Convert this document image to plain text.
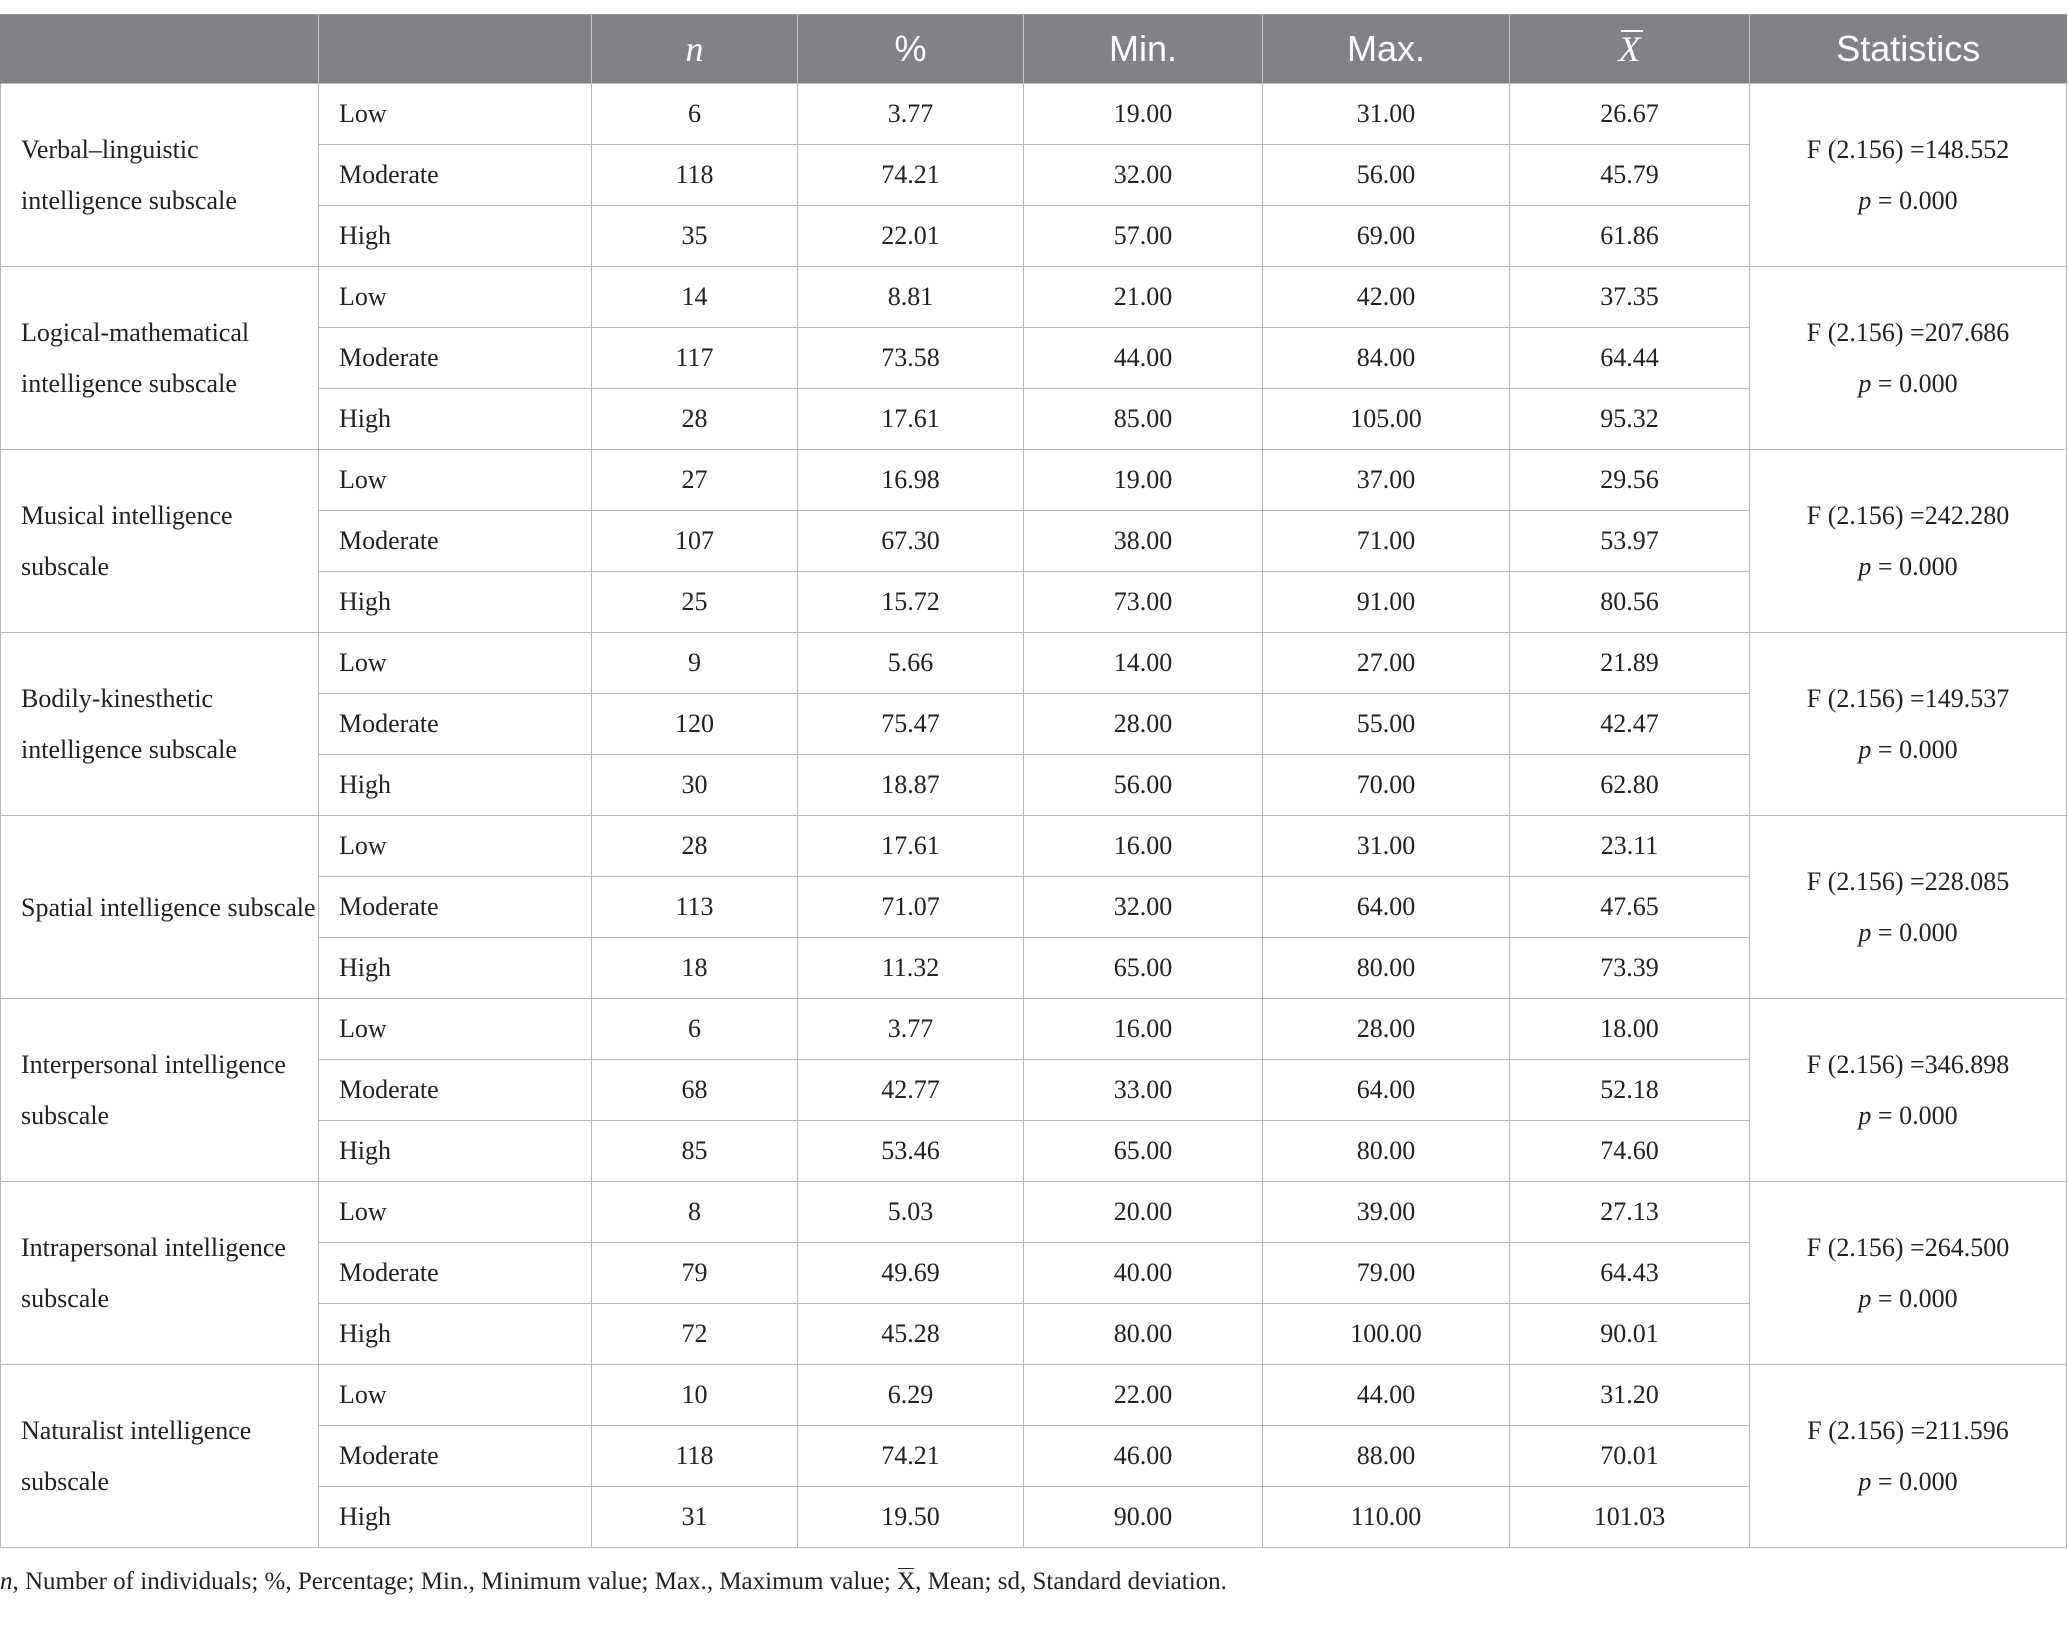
		n	%	Min.	Max.	X	Statistics
Verbal–linguistic intelligence subscale	Low	6	3.77	19.00	31.00	26.67	F (2.156) =148.552
p = 0.000

	Moderate	118	74.21	32.00	56.00	45.79	
	High	35	22.01	57.00	69.00	61.86	
Logical-mathematical intelligence subscale	Low	14	8.81	21.00	42.00	37.35	F (2.156) =207.686
p = 0.000

	Moderate	117	73.58	44.00	84.00	64.44	
	High	28	17.61	85.00	105.00	95.32	
Musical intelligence subscale	Low	27	16.98	19.00	37.00	29.56	F (2.156) =242.280
p = 0.000

	Moderate	107	67.30	38.00	71.00	53.97	
	High	25	15.72	73.00	91.00	80.56	
Bodily-kinesthetic intelligence subscale	Low	9	5.66	14.00	27.00	21.89	F (2.156) =149.537
p = 0.000

	Moderate	120	75.47	28.00	55.00	42.47	
	High	30	18.87	56.00	70.00	62.80	
Spatial intelligence subscale	Low	28	17.61	16.00	31.00	23.11	F (2.156) =228.085
p = 0.000

	Moderate	113	71.07	32.00	64.00	47.65	
	High	18	11.32	65.00	80.00	73.39	
Interpersonal intelligence subscale	Low	6	3.77	16.00	28.00	18.00	F (2.156) =346.898
p = 0.000

	Moderate	68	42.77	33.00	64.00	52.18	
	High	85	53.46	65.00	80.00	74.60	
Intrapersonal intelligence subscale	Low	8	5.03	20.00	39.00	27.13	F (2.156) =264.500
p = 0.000

	Moderate	79	49.69	40.00	79.00	64.43	
	High	72	45.28	80.00	100.00	90.01	
Naturalist intelligence subscale	Low	10	6.29	22.00	44.00	31.20	F (2.156) =211.596
p = 0.000

	Moderate	118	74.21	46.00	88.00	70.01	
	High	31	19.50	90.00	110.00	101.03	
n, Number of individuals; %, Percentage; Min., Minimum value; Max., Maximum value; X, Mean; sd, Standard deviation.
